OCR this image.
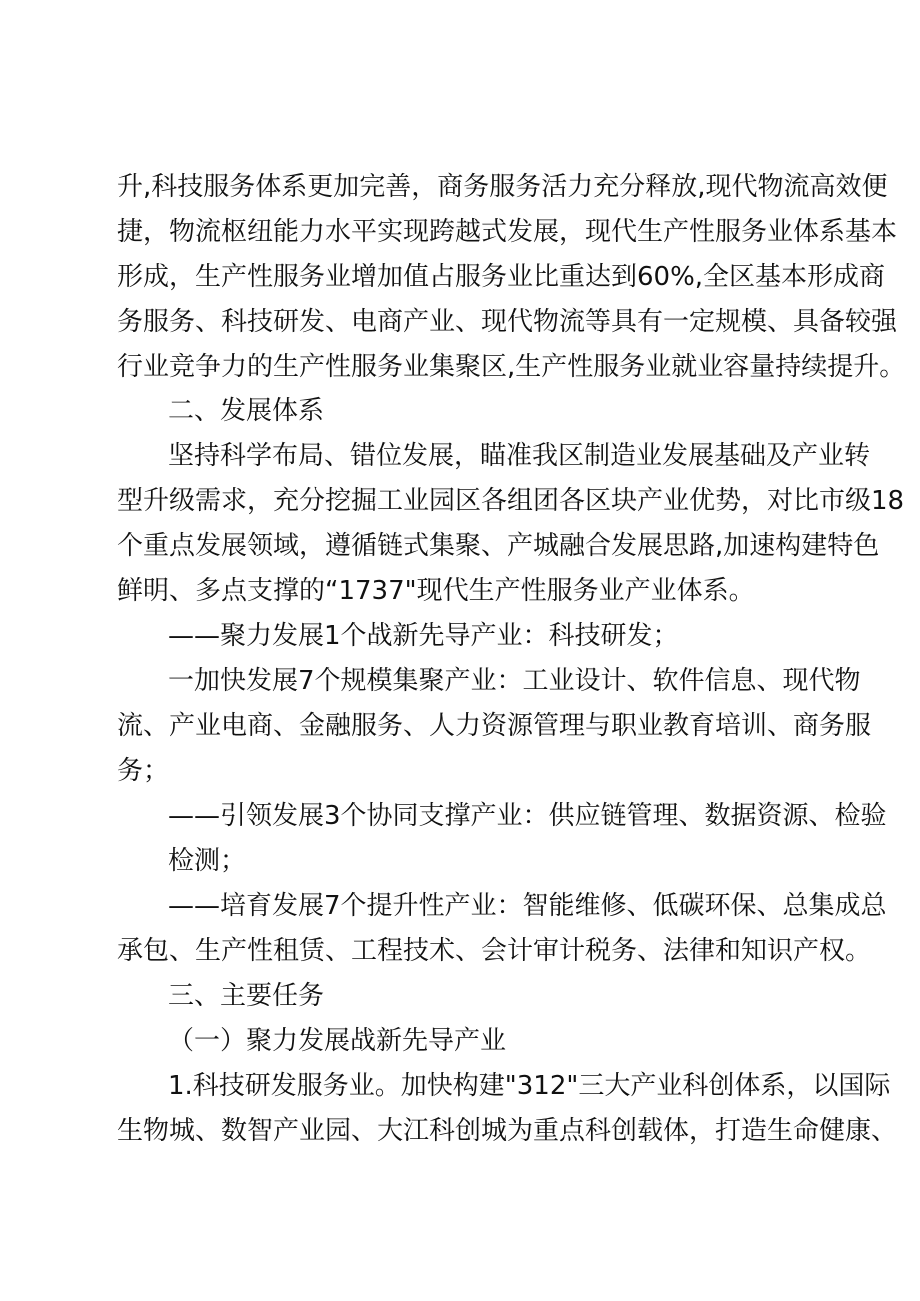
升,科技服务体系更加完善，商务服务活力充分释放,现代物流高效便
捷，物流枢纽能力水平实现跨越式发展，现代生产性服务业体系基本
形成，生产性服务业增加值占服务业比重达到60%,全区基本形成商
务服务、科技研发、电商产业、现代物流等具有一定规模、具备较强
行业竞争力的生产性服务业集聚区,生产性服务业就业容量持续提升。
二、发展体系
坚持科学布局、错位发展，瞄准我区制造业发展基础及产业转
型升级需求，充分挖掘工业园区各组团各区块产业优势，对比市级18
个重点发展领域，遵循链式集聚、产城融合发展思路,加速构建特色
鲜明、多点支撑的“1737"现代生产性服务业产业体系。
——聚力发展1个战新先导产业：科技研发；
一加快发展7个规模集聚产业：工业设计、软件信息、现代物
流、产业电商、金融服务、人力资源管理与职业教育培训、商务服
务；
——引领发展3个协同支撑产业：供应链管理、数据资源、检验
检测；
——培育发展7个提升性产业：智能维修、低碳环保、总集成总
承包、生产性租赁、工程技术、会计审计税务、法律和知识产权。
三、主要任务
（一）聚力发展战新先导产业
1.科技研发服务业。加快构建"312"三大产业科创体系，以国际
生物城、数智产业园、大江科创城为重点科创载体，打造生命健康、
